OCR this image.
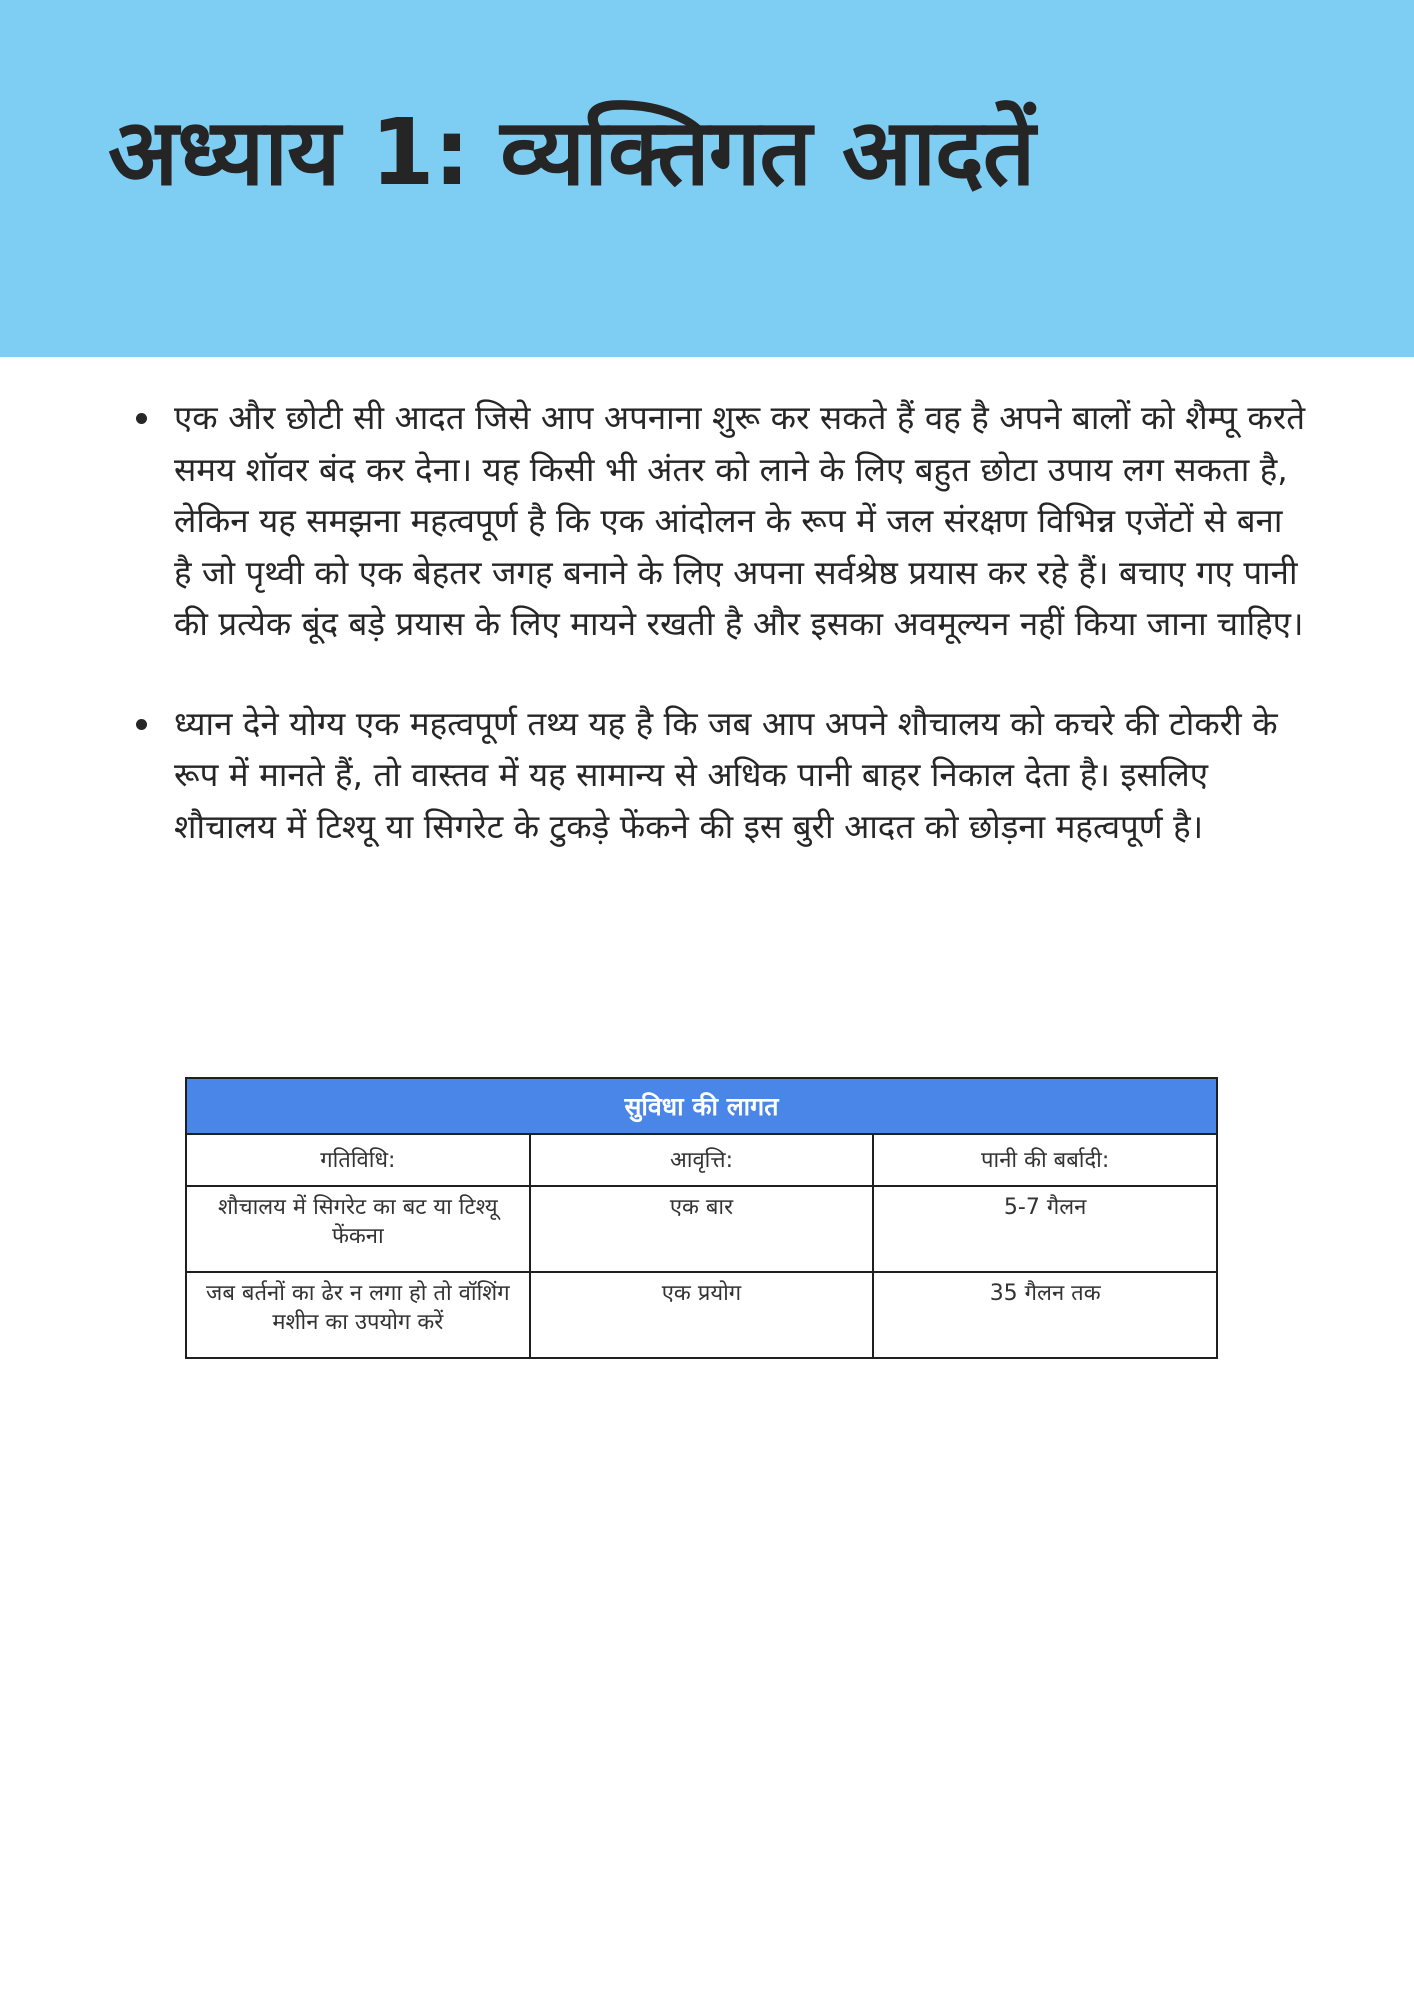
अध्याय 1: व्यक्तिगत आदतें
एक और छोटी सी आदत जिसे आप अपनाना शुरू कर सकते हैं वह है अपने बालों को शैम्पू करते समय शॉवर बंद कर देना। यह किसी भी अंतर को लाने के लिए बहुत छोटा उपाय लग सकता है, लेकिन यह समझना महत्वपूर्ण है कि एक आंदोलन के रूप में जल संरक्षण विभिन्न एजेंटों से बना है जो पृथ्वी को एक बेहतर जगह बनाने के लिए अपना सर्वश्रेष्ठ प्रयास कर रहे हैं। बचाए गए पानी की प्रत्येक बूंद बड़े प्रयास के लिए मायने रखती है और इसका अवमूल्यन नहीं किया जाना चाहिए।
ध्यान देने योग्य एक महत्वपूर्ण तथ्य यह है कि जब आप अपने शौचालय को कचरे की टोकरी के रूप में मानते हैं, तो वास्तव में यह सामान्य से अधिक पानी बाहर निकाल देता है। इसलिए शौचालय में टिश्यू या सिगरेट के टुकड़े फेंकने की इस बुरी आदत को छोड़ना महत्वपूर्ण है।
सुविधा की लागत		
गतिविधि:	आवृत्ति:	पानी की बर्बादी:
शौचालय में सिगरेट का बट या टिश्यू फेंकना	एक बार	5-7 गैलन
जब बर्तनों का ढेर न लगा हो तो वॉशिंग मशीन का उपयोग करें	एक प्रयोग	35 गैलन तक
